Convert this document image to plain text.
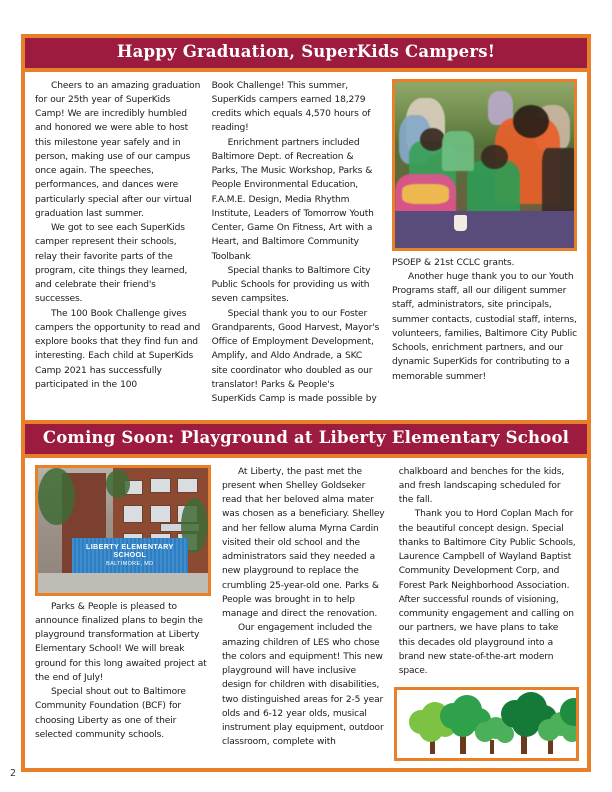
Happy Graduation, SuperKids Campers!

Cheers to an amazing graduation for our 25th year of SuperKids Camp! We are incredibly humbled and honored we were able to host this milestone year safely and in person, making use of our campus once again. The speeches, performances, and dances were particularly special after our virtual graduation last summer.

We got to see each SuperKids camper represent their schools, relay their favorite parts of the program, cite things they learned, and celebrate their friend's successes.

The 100 Book Challenge gives campers the opportunity to read and explore books that they find fun and interesting. Each child at SuperKids Camp 2021 has successfully participated in the 100

Book Challenge! This summer, SuperKids campers earned 18,279 credits which equals 4,570 hours of reading!

Enrichment partners included Baltimore Dept. of Recreation & Parks, The Music Workshop, Parks & People Environmental Education, F.A.M.E. Design, Media Rhythm Institute, Leaders of Tomorrow Youth Center, Game On Fitness, Art with a Heart, and Baltimore Community Toolbank

Special thanks to Baltimore City Public Schools for providing us with seven campsites.

Special thank you to our Foster Grandparents, Good Harvest, Mayor's Office of Employment Development, Amplify, and Aldo Andrade, a SKC site coordinator who doubled as our translator! Parks & People's SuperKids Camp is made possible by

PSOEP & 21st CCLC grants.

Another huge thank you to our Youth Programs staff, all our diligent summer staff, administrators, site principals, summer contacts, custodial staff, interns, volunteers, families, Baltimore City Public Schools, enrichment partners, and our dynamic SuperKids for contributing to a memorable summer!

Coming Soon: Playground at Liberty Elementary School
LIBERTY ELEMENTARY SCHOOL
BALTIMORE, MD

Parks & People is pleased to announce finalized plans to begin the playground transformation at Liberty Elementary School! We will break ground for this long awaited project at the end of July!

Special shout out to Baltimore Community Foundation (BCF) for choosing Liberty as one of their selected community schools.

At Liberty, the past met the present when Shelley Goldseker read that her beloved alma mater was chosen as a beneficiary. Shelley and her fellow aluma Myrna Cardin visited their old school and the administrators said they needed a new playground to replace the crumbling 25-year-old one. Parks & People was brought in to help manage and direct the renovation.

Our engagement included the amazing children of LES who chose the colors and equipment! This new playground will have inclusive design for children with disabilities, two distinguished areas for 2-5 year olds and 6-12 year olds, musical instrument play equipment, outdoor classroom, complete with

chalkboard and benches for the kids, and fresh landscaping scheduled for the fall.

Thank you to Hord Coplan Mach for the beautiful concept design. Special thanks to Baltimore City Public Schools, Laurence Campbell of Wayland Baptist Community Development Corp, and Forest Park Neighborhood Association. After successful rounds of visioning, community engagement and calling on our partners, we have plans to take this decades old playground into a brand new state-of-the-art modern space.

2
